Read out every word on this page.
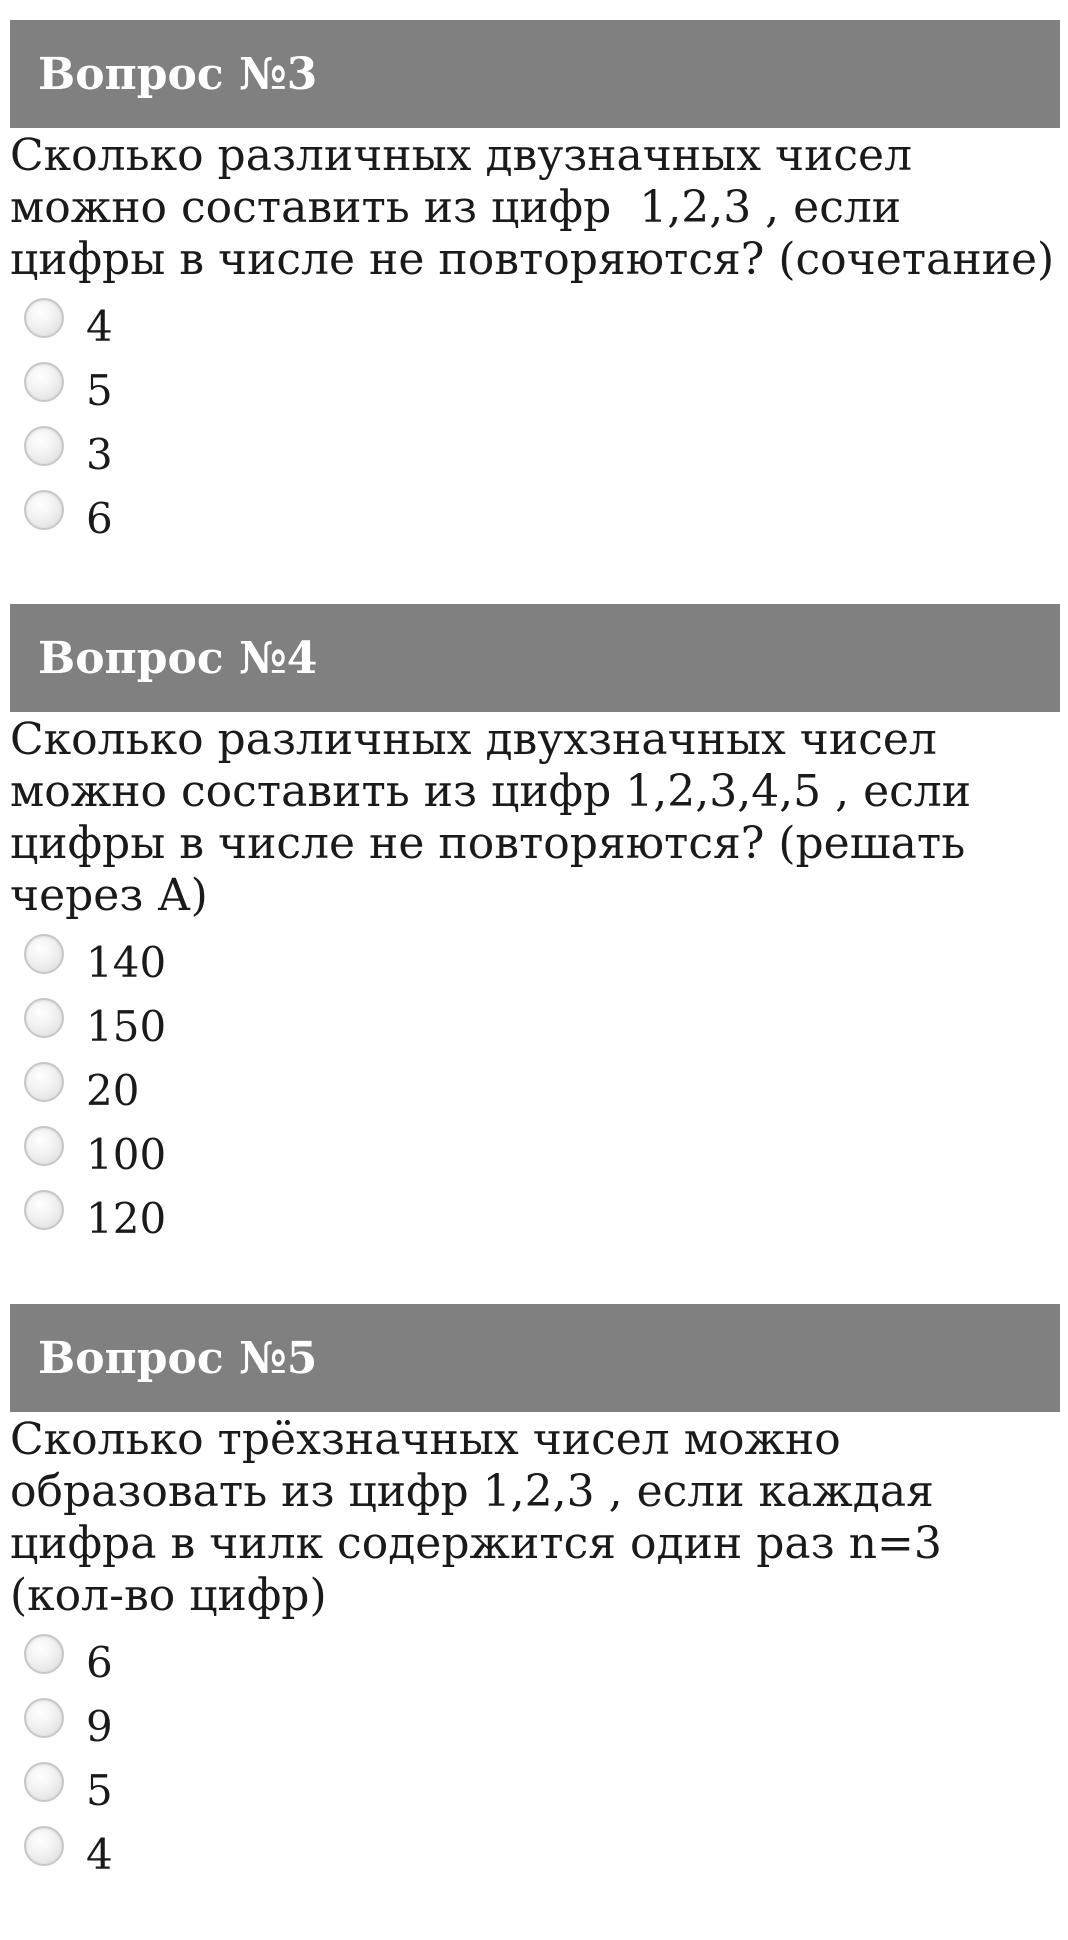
Вопрос №3
Сколько различных двузначных чисел можно составить из цифр  1,2,3 , если цифры в числе не повторяются? (сочетание)
4
5
3
6
Вопрос №4
Сколько различных двухзначных чисел можно составить из цифр 1,2,3,4,5 , если цифры в числе не повторяются? (решать через А)
140
150
20
100
120
Вопрос №5
Сколько трёхзначных чисел можно образовать из цифр 1,2,3 , если каждая цифра в чилк содержится один раз n=3 (кол-во цифр)
6
9
5
4
